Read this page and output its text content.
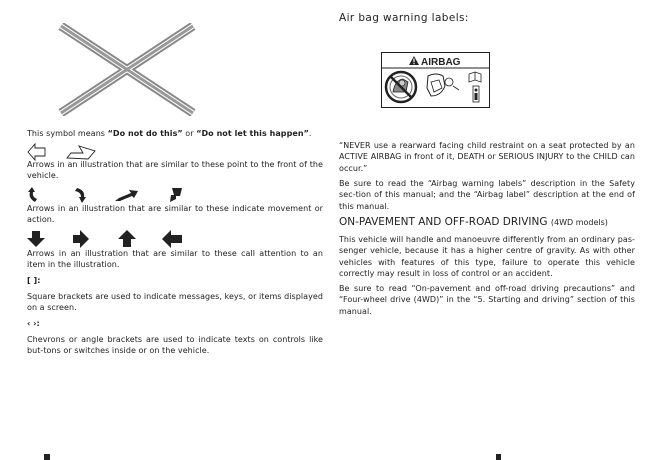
This symbol means “Do not do this” or “Do not let this happen”.
Arrows in an illustration that are similar to these point to the front of the vehicle.
Arrows in an illustration that are similar to these indicate movement or action.
Arrows in an illustration that are similar to these call attention to an item in the illustration.
[ ]:
Square brackets are used to indicate messages, keys, or items displayed on a screen.
‹ ›:
Chevrons or angle brackets are used to indicate texts on controls like but-tons or switches inside or on the vehicle.
Air bag warning labels:
AIRBAG
“NEVER use a rearward facing child restraint on a seat protected by an ACTIVE AIRBAG in front of it, DEATH or SERIOUS INJURY to the CHILD can occur.”
Be sure to read the “Airbag warning labels” description in the Safety sec-tion of this manual; and the “Airbag label” description at the end of this manual.
ON-PAVEMENT AND OFF-ROAD DRIVING (4WD models)
This vehicle will handle and manoeuvre differently from an ordinary pas-senger vehicle, because it has a higher centre of gravity. As with other vehicles with features of this type, failure to operate this vehicle correctly may result in loss of control or an accident.
Be sure to read “On-pavement and off-road driving precautions” and “Four-wheel drive (4WD)” in the “5. Starting and driving” section of this manual.
